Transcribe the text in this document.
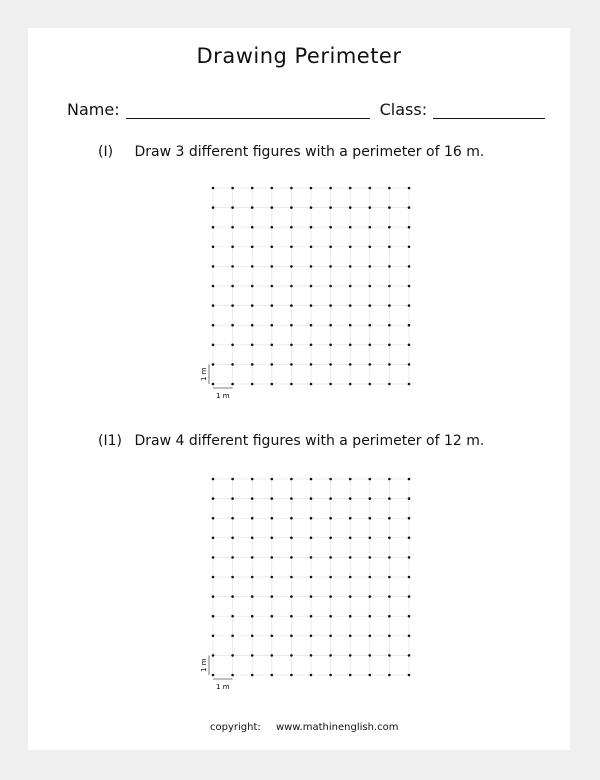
Drawing Perimeter
Name:	Class:
(I) Draw 3 different figures with a perimeter of 16 m.
1 m
1 m
(I1) Draw 4 different figures with a perimeter of 12 m.
1 m
1 m
copyright: www.mathinenglish.com
